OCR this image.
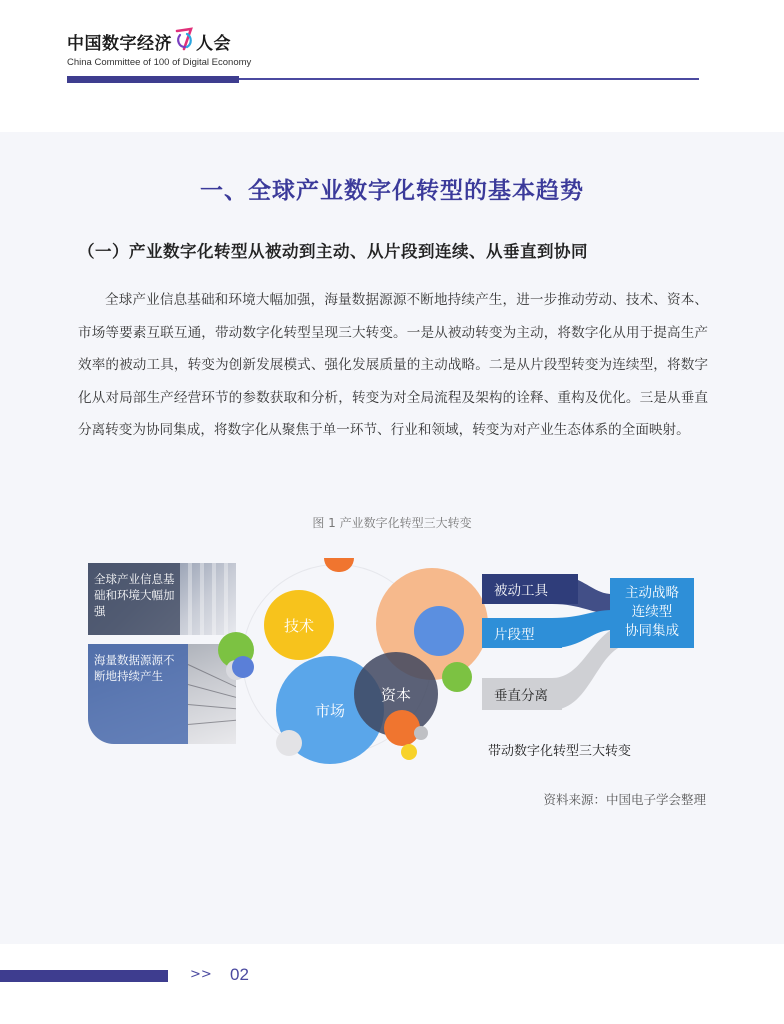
中国数字经济 人会
China Committee of 100 of Digital Economy
一、全球产业数字化转型的基本趋势
（一）产业数字化转型从被动到主动、从片段到连续、从垂直到协同

全球产业信息基础和环境大幅加强，海量数据源源不断地持续产生，进一步推动劳动、技术、资本、市场等要素互联互通，带动数字化转型呈现三大转变。一是从被动转变为主动，将数字化从用于提高生产效率的被动工具，转变为创新发展模式、强化发展质量的主动战略。二是从片段型转变为连续型，将数字化从对局部生产经营环节的参数获取和分析，转变为对全局流程及架构的诠释、重构及优化。三是从垂直分离转变为协同集成，将数字化从聚焦于单一环节、行业和领域，转变为对产业生态体系的全面映射。

图 1 产业数字化转型三大转变
全球产业信息基础和环境大幅加强
海量数据源源不断地持续产生
技术
市场
资本
被动工具
片段型
垂直分离
主动战略
连续型
协同集成
带动数字化转型三大转变
资料来源：中国电子学会整理
>> 02
